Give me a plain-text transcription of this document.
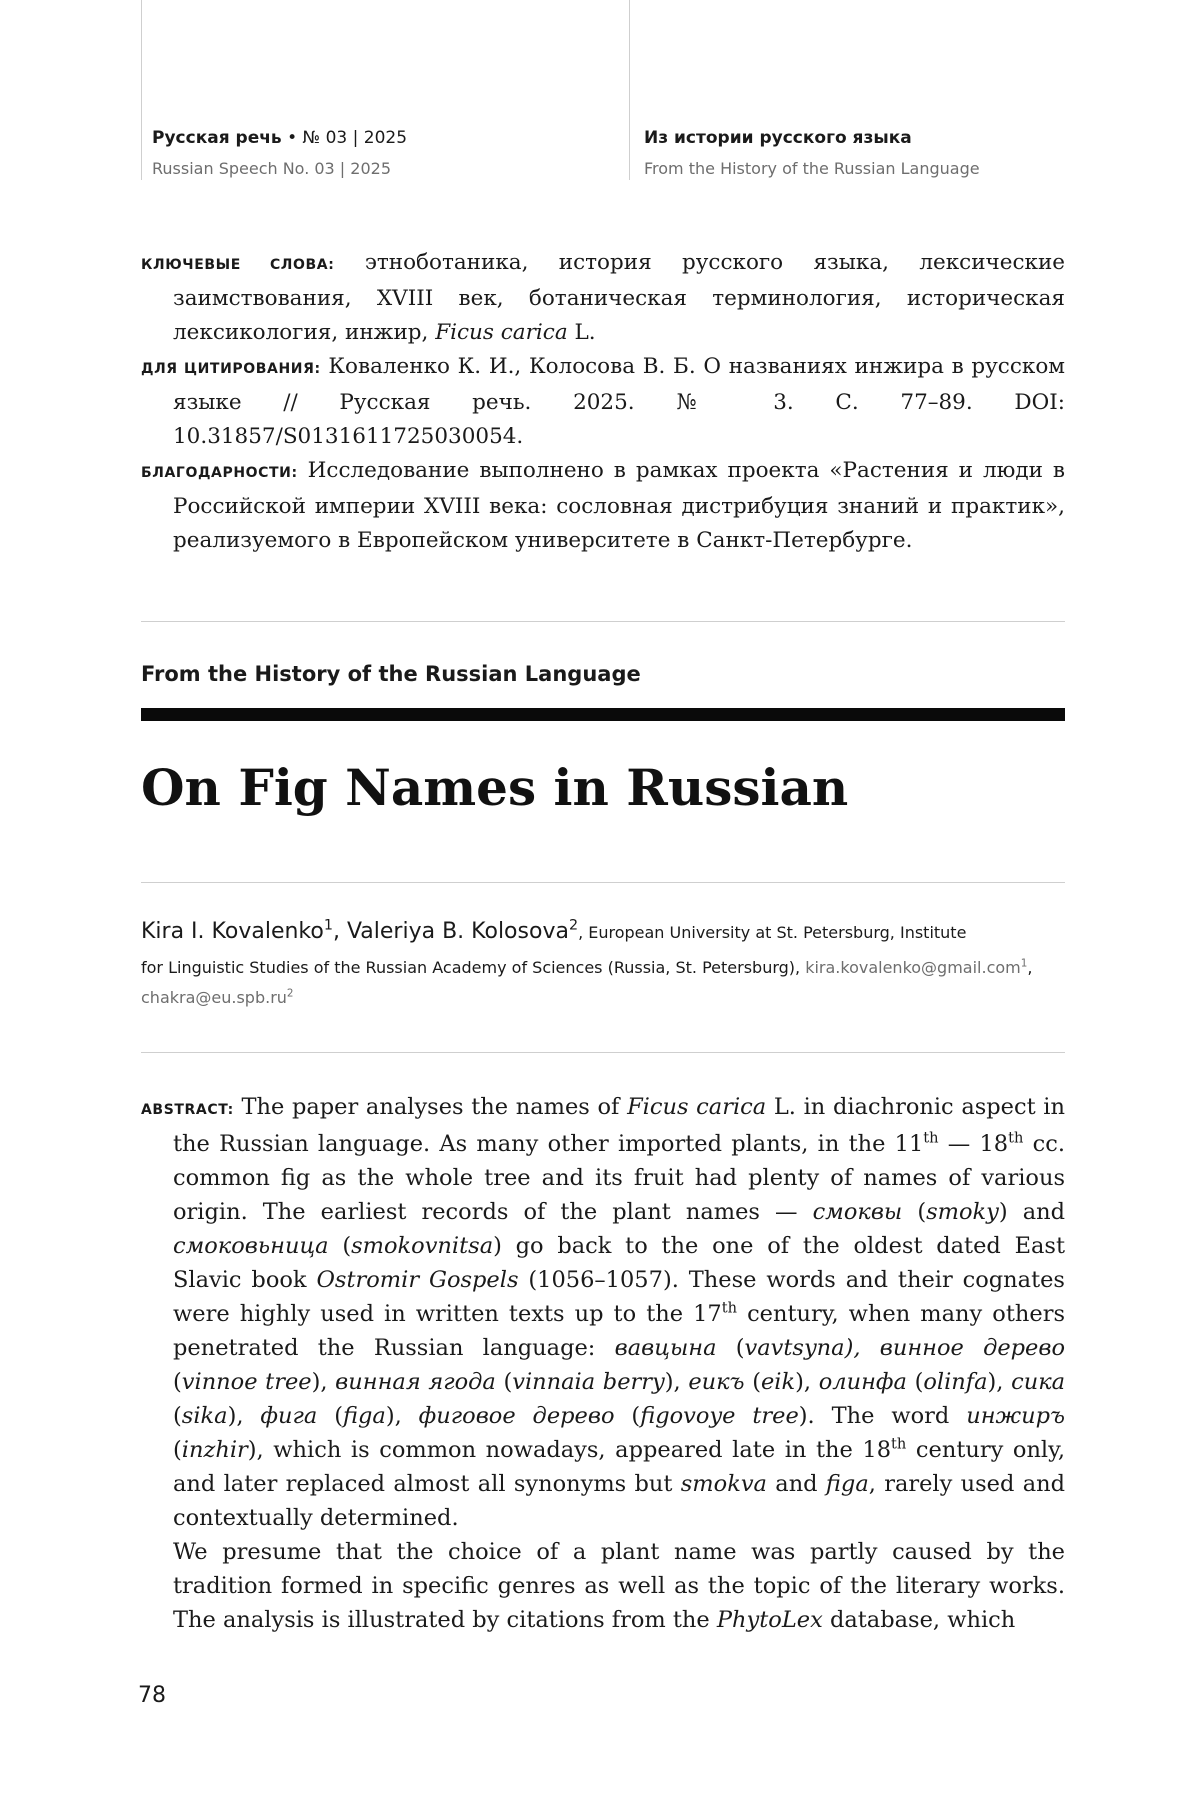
Русская речь • № 03 | 2025
Russian Speech No. 03 | 2025
Из истории русского языка
From the History of the Russian Language

КЛЮЧЕВЫЕ СЛОВА: этноботаника, история русского языка, лексические заимствования, XVIII век, ботаническая терминология, историческая лексикология, инжир, Ficus carica L.

ДЛЯ ЦИТИРОВАНИЯ: Коваленко К. И., Колосова В. Б. О названиях инжира в русском языке // Русская речь. 2025. № 3. С. 77–89. DOI: 10.31857/S0131611725030054.

БЛАГОДАРНОСТИ: Исследование выполнено в рамках проекта «Растения и люди в Российской империи XVIII века: сословная дистрибуция знаний и практик», реализуемого в Европейском университете в Санкт-Петербурге.

From the History of the Russian Language
On Fig Names in Russian
Kira I. Kovalenko$^1$, Valeriya B. Kolosova$^2$, European University at St. Petersburg, Institute
for Linguistic Studies of the Russian Academy of Sciences (Russia, St. Petersburg), kira.kovalenko@gmail.com$^1$,
$chakra@eu.spb.ru^2$

ABSTRACT: The paper analyses the names of Ficus carica L. in diachronic aspect in the Russian language. As many other imported plants, in the 11th — 18th cc. common fig as the whole tree and its fruit had plenty of names of various origin. The earliest records of the plant names — смоквы (smoky) and смоковьница (smokovnitsa) go back to the one of the oldest dated East Slavic book Ostromir Gospels (1056–1057). These words and their cognates were highly used in written texts up to the 17th century, when many others penetrated the Russian language: вавцына (vavtsyna), винное дерево (vinnoe tree), винная ягода (vinnaia berry), еикъ (eik), олинфа (olinfa), сика (sika), фига (figa), фиговое дерево (figovoye tree). The word инжиръ (inzhir), which is common nowadays, appeared late in the 18th century only, and later replaced almost all synonyms but smokva and figa, rarely used and contextually determined.

We presume that the choice of a plant name was partly caused by the tradition formed in specific genres as well as the topic of the literary works. The analysis is illustrated by citations from the PhytoLex database, which

78
